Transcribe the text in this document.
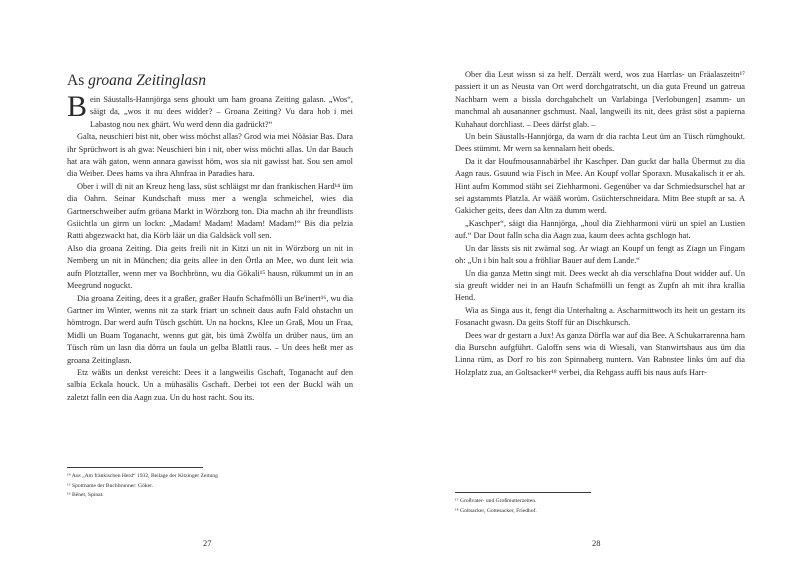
As groana Zeitinglasn
B ein Säustalls-Hannjörga sens ghoukt um ham groana Zeiting galasn. „Wos“, säigt da, „wos it nu dees widder? – Groana Zeiting? Vu dara hob i mei Labastog nou nex ghärt. Wu werd denn dia gadrückt?“
Galta, neuschieri bist nit, ober wiss möchst allas? Grod wia mei Nöäsiar Bas. Dara ihr Sprüchwort is ah gwa: Neuschieri bin i nit, ober wiss möchti allas. Un dar Bauch hat ara wäh gaton, wenn annara gawisst höm, wos sia nit gawisst hat. Sou sen amol dia Weiber. Dees hams va ihra Ahnfraa in Paradies hara.
Ober i will di nit an Kreuz heng lass, süst schläigst mr dan frankischen Hard¹⁴ üm dia Oahrn. Seinar Kundschaft muss mer a wengla schmeichel, wies dia Gartnerschweiber aufm gröana Markt in Wörzborg ton. Dia machn ah ihr freundlists Gsiichtla un girrn un lockn: „Madam! Madam! Madam! Madam!“ Bis dia pelzia Ratti abgezwackt hat, dia Körb läär un dia Galdsäck voll sen.
Also dia groana Zeiting. Dia geits freili nit in Kitzi un nit in Wörzborg un nit in Nemberg un nit in München; dia geits allee in den Örtla an Mee, wo dunt leit wia aufn Plotztaller, wenn mer va Bochbrönn, wu dia Gökali¹⁵ hausn, rükummt un in an Meegrund noguckt.
Dia groana Zeiting, dees it a graßer, graßer Haufn Schafmölli un Be'inert¹⁶, wu dia Gartner im Winter, wenns nit za stark friart un schneit daus aufn Fald ohstachn un hömtrogn. Dar werd aufn Tüsch gschütt. Un na hockns, Klee un Graß, Mou un Fraa, Midli un Buam Toganacht, wenns gut gät, bis ümä Zwölfa un drüber naus, üm an Tüsch rüm un lasn dia dörra un faula un gelba Blattli raus. – Un dees heßt mer as groana Zeitinglasn.
Etz wäßts un denkst vereicht: Dees it a langweilis Gschaft, Toganacht auf den salbia Eckala houck. Un a mühasälis Gschaft. Derbei tot een der Buckl wäh un zaletzt falln een dia Aagn zua. Un du host racht. Sou its.
¹⁴ Aus „Am fränkischen Herd“ 1932, Beilage der Kitzinger Zeitung
¹⁵ Spottname der Buchbrunner: Göker.
¹⁶ Bënet, Spinat.
27
Ober dia Leut wissn si za helf. Derzält werd, wos zua Harrlas- un Fräalaszeitn¹⁷ passiert it un as Neusta van Ort werd dorchgatratscht, un dia guta Freund un gatreua Nachbarn wem a bissla dorchgahchelt un Varlabinga [Verlobungen] zsamm- un manchmal ah ausananner gschmust. Naal, langweili its nit, dees gräst söst a papierna Kuhahaut dorchliast. – Dees därfst glab. –
Un bein Säustalls-Hannjörga, da warn dr dia rachta Leut üm an Tüsch rümghoukt. Dees stümmt. Mr wern sa kennalarn heit obeds.
Da it dar Houfmousannabärbel ihr Kaschper. Dan guckt dar halla Übermut zu dia Aagn raus. Gsuund wia Fisch in Mee. An Koupf vollar Sporaxn. Musakalisch it er ah. Hint aufm Kommod stäht sei Ziehharmoni. Gegenüber va dar Schmiedsurschel hat ar sei agstammts Platzla. Ar wääß worüm. Gsüchterschneidara. Mitn Bee stupft ar sa. A Gakicher geits, dees dan Altn za dumm werd.
„Kaschper“, säigt dia Hannjörga, „houl dia Ziehharmoni vürü un spiel an Lustien auf.“ Dar Dout falln scha dia Aagn zua, kaum dees achta gschlogn hat.
Un dar lässts sis nit zwämal sog. Ar wiagt an Koupf un fengt as Ziagn un Fingam oh: „Un i bin halt sou a fröhliar Bauer auf dem Lande.“
Un dia ganza Mettn singt mit. Dees weckt ah dia verschlafna Dout widder auf. Un sia greuft widder nei in an Haufn Schafmölli un fengt as Zupfn ah mit ihra krallia Hend.
Wia as Singa aus it, fengt dia Unterhaltng a. Ascharmittwoch its heit un gestarn its Fosanacht gwasn. Da geits Stoff für an Dischkursch.
Dees war dr gestarn a Jux! As ganza Dörfla war auf dia Bee. A Schukarrarenna ham dia Burschn aufgführt. Galoffn sens wia di Wiesali, van Stanwirtshaus aus üm dia Linna rüm, as Dorf ro bis zon Spinnaberg nuntern. Van Rabnstee links üm auf dia Holzplatz zua, an Goltsacker¹⁸ verbei, dia Rehgass auffi bis naus aufs Harr-
¹⁷ Großvater- und Großmutterzeiten.
¹⁸ Goltsacker, Gottesacker, Friedhof.
28
